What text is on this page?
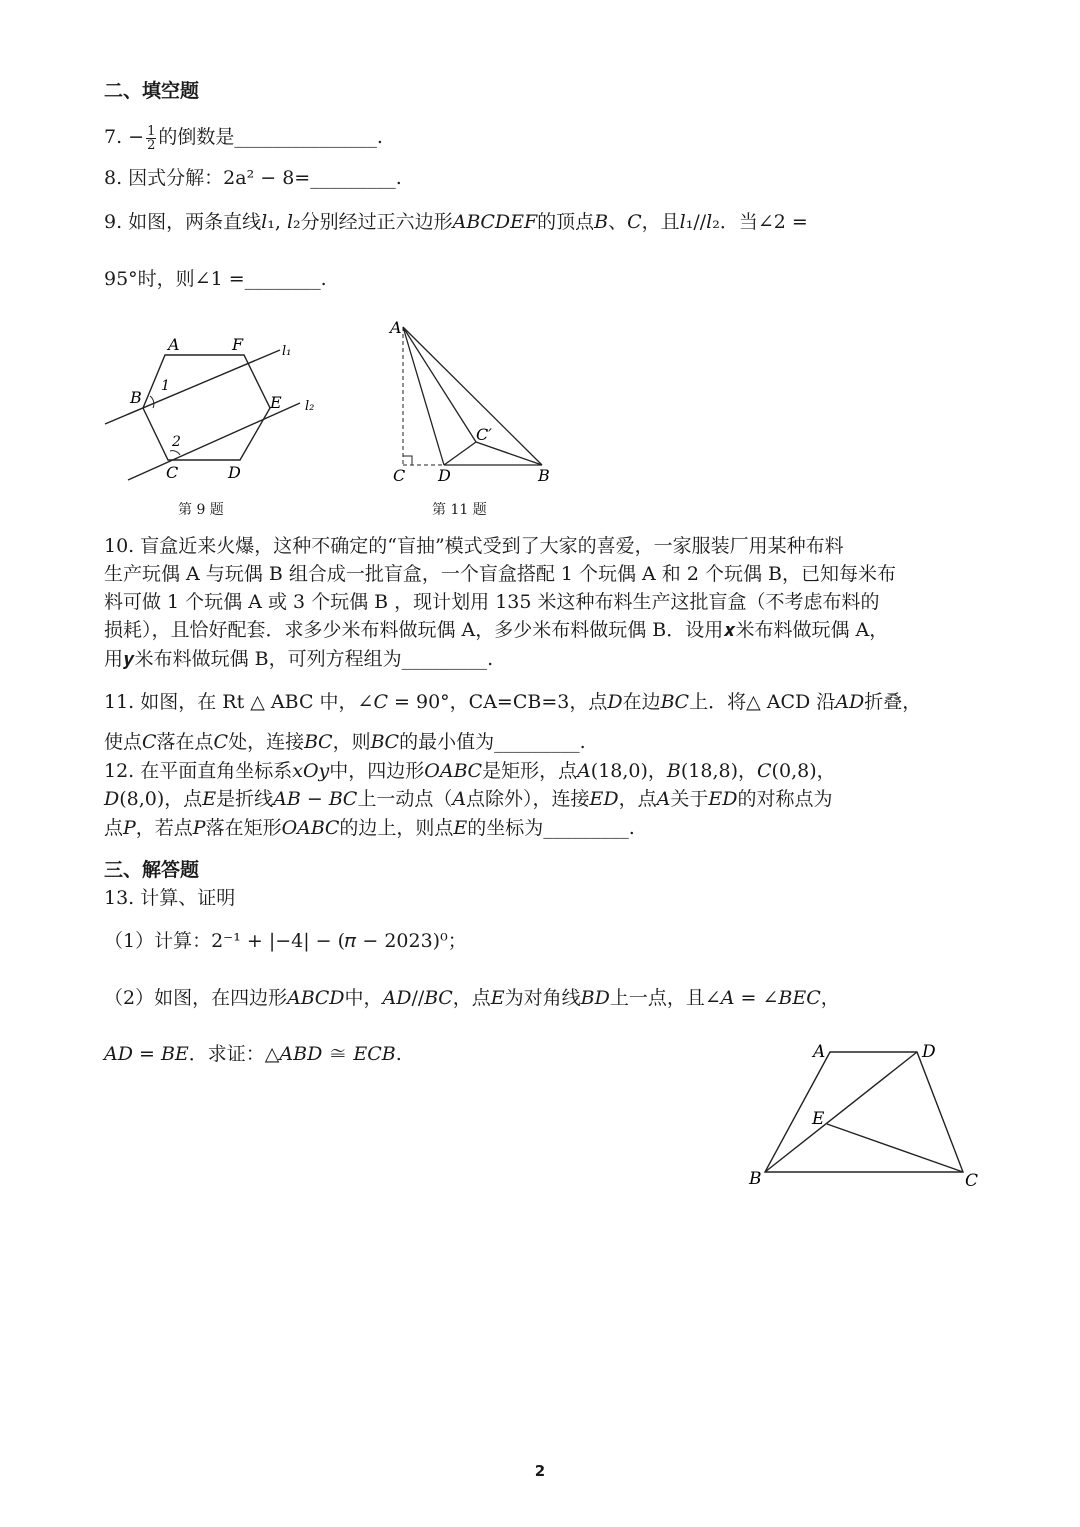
二、填空题
7. − $\frac{1}{2}$ 的倒数是_______________.
8. 因式分解：2a² − 8=_________.
9. 如图，两条直线𝑙₁, 𝑙₂分别经过正六边形𝐴𝐵𝐶𝐷𝐸𝐹的顶点𝐵、𝐶，且𝑙₁//𝑙₂．当∠2 =
95°时，则∠1 =________.
A	F
B	E
C	D
l₁
l₂
1
2
第 9 题
A
C D	B
C′
第 11 题
10. 盲盒近来火爆，这种不确定的“盲抽”模式受到了大家的喜爱，一家服装厂用某种布料
生产玩偶 A 与玩偶 B 组合成一批盲盒，一个盲盒搭配 1 个玩偶 A 和 2 个玩偶 B，已知每米布
料可做 1 个玩偶 A 或 3 个玩偶 B ，现计划用 135 米这种布料生产这批盲盒（不考虑布料的
损耗），且恰好配套．求多少米布料做玩偶 A，多少米布料做玩偶 B．设用𝒙米布料做玩偶 A，
用𝒚米布料做玩偶 B，可列方程组为_________.
11. 如图，在 Rt △ ABC 中，∠𝐶 = 90°，CA=CB=3，点𝐷在边𝐵𝐶上．将△ ACD 沿𝐴𝐷折叠，
使点𝐶落在点𝐶处，连接𝐵𝐶，则𝐵𝐶的最小值为_________.
12. 在平面直角坐标系𝑥𝑂𝑦中，四边形𝑂𝐴𝐵𝐶是矩形，点𝐴(18,0)，𝐵(18,8)，𝐶(0,8)，
𝐷(8,0)，点𝐸是折线𝐴𝐵 − 𝐵𝐶上一动点（𝐴点除外），连接𝐸𝐷，点𝐴关于𝐸𝐷的对称点为
点𝑃，若点𝑃落在矩形𝑂𝐴𝐵𝐶的边上，则点𝐸的坐标为_________.
三、解答题
13. 计算、证明
（1）计算：2⁻¹ + |−4| − (𝜋 − 2023)⁰；
（2）如图，在四边形𝐴𝐵𝐶𝐷中，𝐴𝐷//𝐵𝐶，点𝐸为对角线𝐵𝐷上一点，且∠𝐴 = ∠𝐵𝐸𝐶，
𝐴𝐷 = 𝐵𝐸．求证：△𝐴𝐵𝐷 ≅ 𝐸𝐶𝐵.	A	D
E
B	C
2
